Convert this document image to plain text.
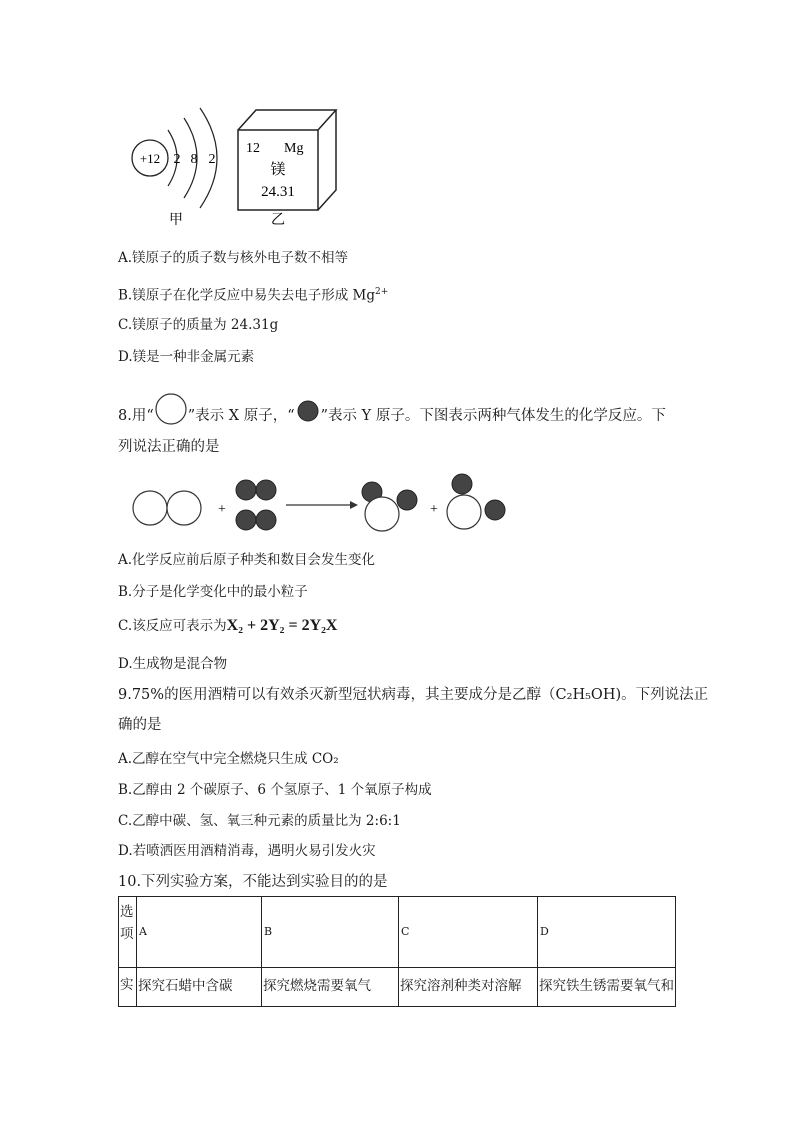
+12 2 8 2
甲
12 Mg
镁
24.31
乙
A.镁原子的质子数与核外电子数不相等
B.镁原子在化学反应中易失去电子形成 $Mg^{2+}$
C.镁原子的质量为 24.31g
D.镁是一种非金属元素
8.用“ ”表示 X 原子，“ ”表示 Y 原子。下图表示两种气体发生的化学反应。下
列说法正确的是
+	+
A.化学反应前后原子种类和数目会发生变化
B.分子是化学变化中的最小粒子
C.该反应可表示为X₂ + 2Y₂ = 2Y₂X
D.生成物是混合物
9.75%的医用酒精可以有效杀灭新型冠状病毒，其主要成分是乙醇（C₂H₅OH)。下列说法正
确的是
A.乙醇在空气中完全燃烧只生成 CO₂
B.乙醇由 2 个碳原子、6 个氢原子、1 个氧原子构成
C.乙醇中碳、氢、氧三种元素的质量比为 2:6:1
D.若喷洒医用酒精消毒，遇明火易引发火灾
10.下列实验方案，不能达到实验目的的是
选项	A	B	C	D

实	探究石蜡中含碳	探究燃烧需要氧气	探究溶剂种类对溶解	探究铁生锈需要氧气和
